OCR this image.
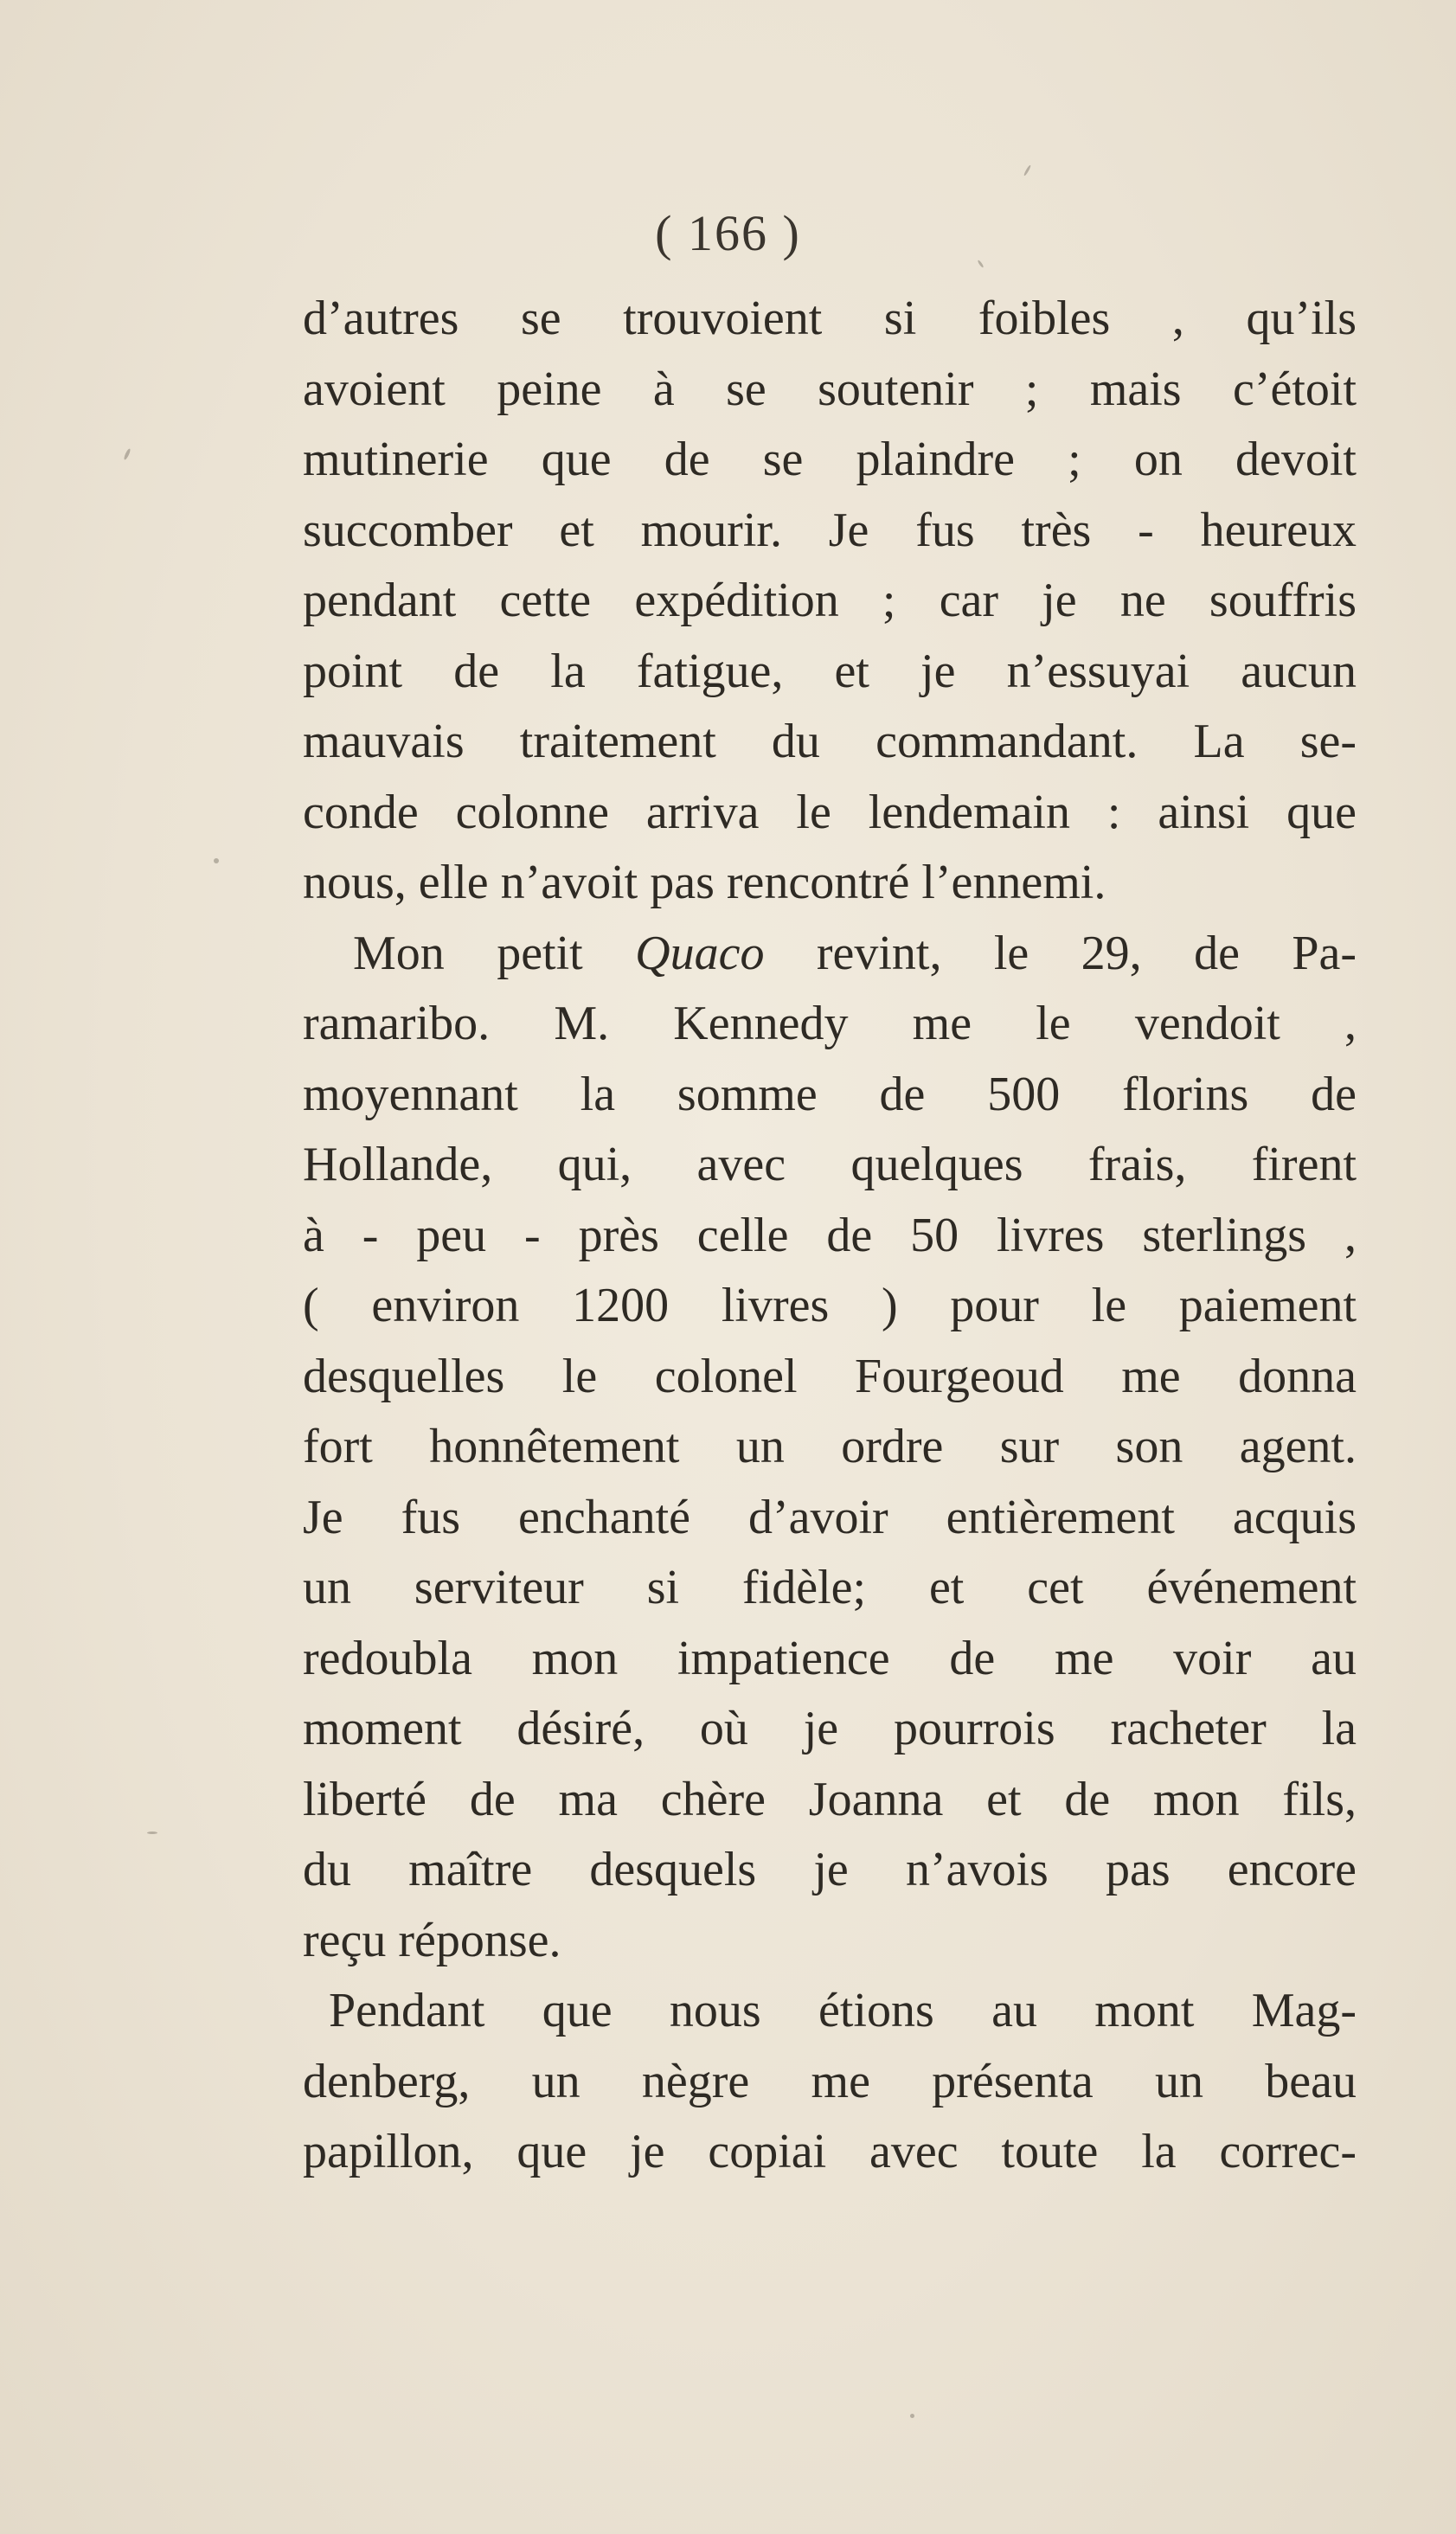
( 166 )
d’autres se trouvoient si foibles , qu’ils
avoient peine à se soutenir ; mais c’étoit
mutinerie que de se plaindre ; on devoit
succomber et mourir. Je fus très - heureux
pendant cette expédition ; car je ne souffris
point de la fatigue, et je n’essuyai aucun
mauvais traitement du commandant. La se-
conde colonne arriva le lendemain : ainsi que
nous, elle n’avoit pas rencontré l’ennemi.
Mon petit Quaco revint, le 29, de Pa-
ramaribo. M. Kennedy me le vendoit ,
moyennant la somme de 500 florins de
Hollande, qui, avec quelques frais, firent
à - peu - près celle de 50 livres sterlings ,
( environ 1200 livres ) pour le paiement
desquelles le colonel Fourgeoud me donna
fort honnêtement un ordre sur son agent.
Je fus enchanté d’avoir entièrement acquis
un serviteur si fidèle; et cet événement
redoubla mon impatience de me voir au
moment désiré, où je pourrois racheter la
liberté de ma chère Joanna et de mon fils,
du maître desquels je n’avois pas encore
reçu réponse.
Pendant que nous étions au mont Mag-
denberg, un nègre me présenta un beau
papillon, que je copiai avec toute la correc-
